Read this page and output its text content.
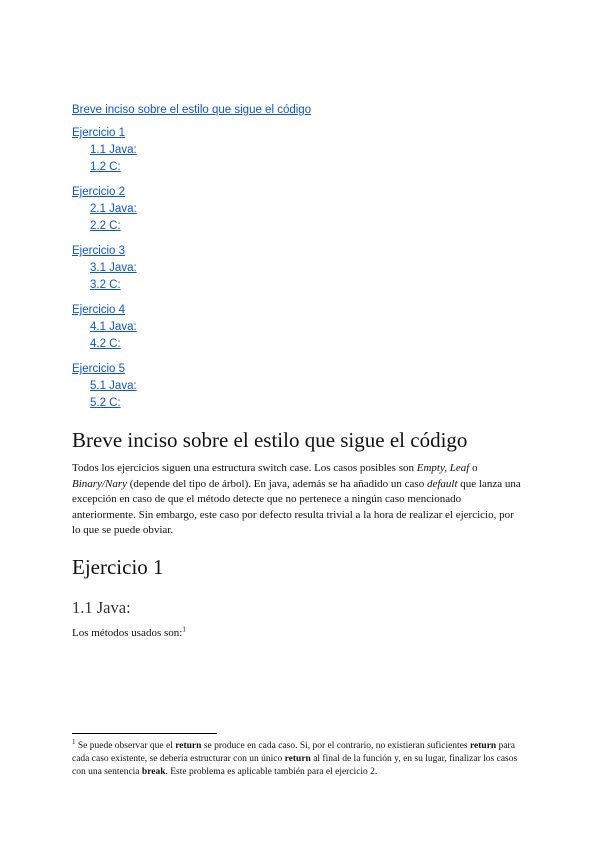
Breve inciso sobre el estilo que sigue el código
Ejercicio 1
1.1 Java:
1.2 C:
Ejercicio 2
2.1 Java:
2.2 C:
Ejercicio 3
3.1 Java:
3.2 C:
Ejercicio 4
4.1 Java:
4.2 C:
Ejercicio 5
5.1 Java:
5.2 C:
Breve inciso sobre el estilo que sigue el código

Todos los ejercicios siguen una estructura switch case. Los casos posibles son Empty, Leaf o Binary/Nary (depende del tipo de árbol). En java, además se ha añadido un caso default que lanza una excepción en caso de que el método detecte que no pertenece a ningún caso mencionado anteriormente. Sin embargo, este caso por defecto resulta trivial a la hora de realizar el ejercicio, por lo que se puede obviar.

Ejercicio 1
1.1 Java:

Los métodos usados son:$^1$

$^1$ Se puede observar que el return se produce en cada caso. Si, por el contrario, no existieran suficientes return para cada caso existente, se debería estructurar con un único return al final de la función y, en su lugar, finalizar los casos con una sentencia break. Este problema es aplicable también para el ejercicio 2.
